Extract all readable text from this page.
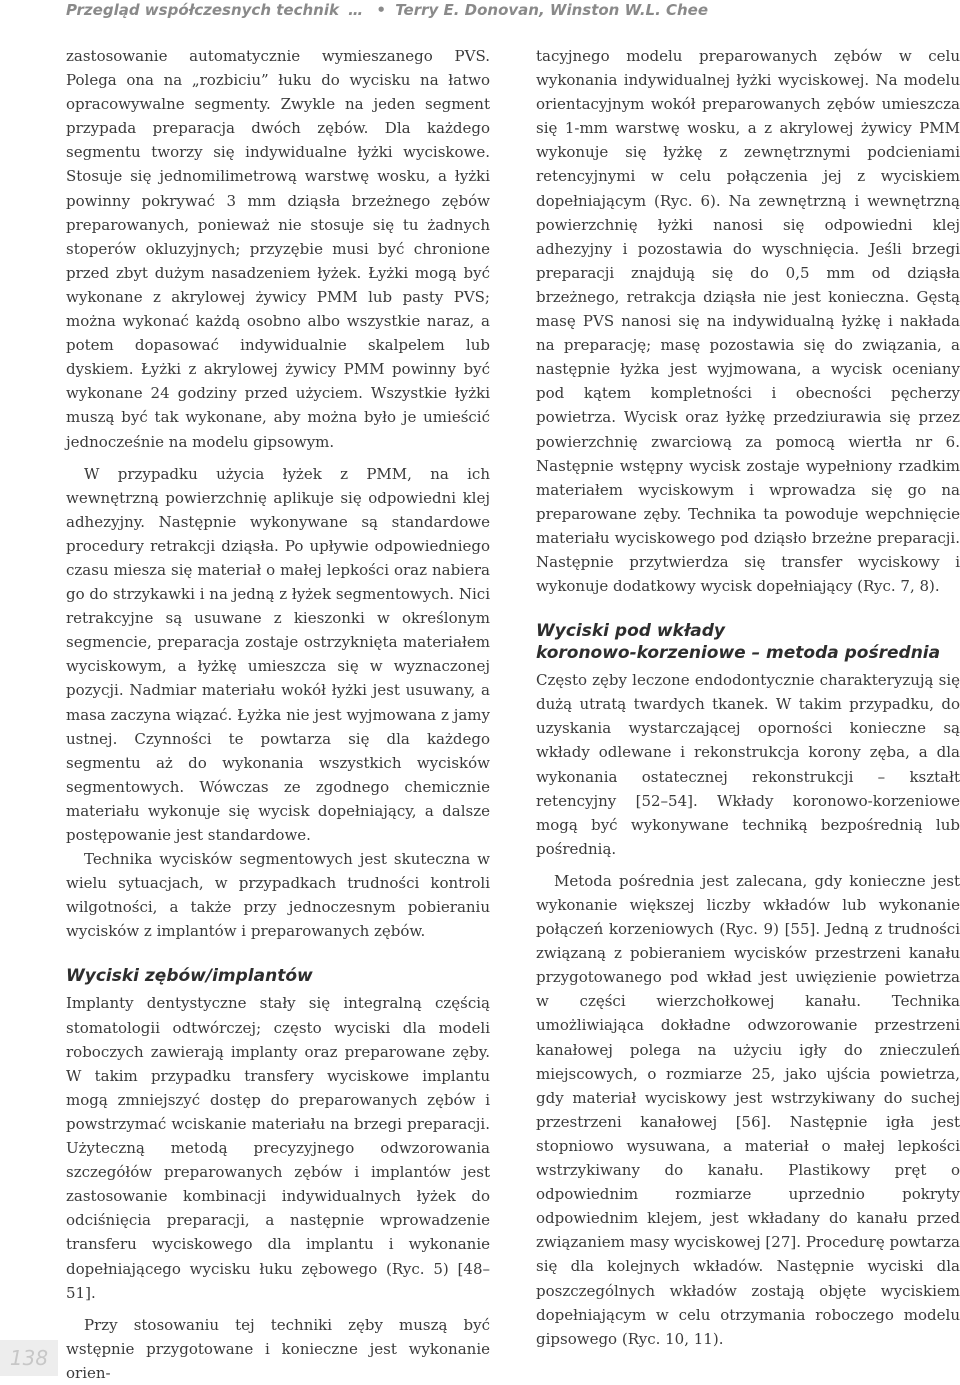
Przegląd współczesnych technik … • Terry E. Donovan, Winston W.L. Chee

zastosowanie automatycznie wymieszanego PVS. Polega ona na „rozbiciu” łuku do wycisku na łatwo opracowywalne segmenty. Zwykle na jeden segment przypada preparacja dwóch zębów. Dla każdego segmentu tworzy się indywidualne łyżki wyciskowe. Stosuje się jednomilimetrową warstwę wosku, a łyżki powinny pokrywać 3 mm dziąsła brzeżnego zębów preparowanych, ponieważ nie stosuje się tu żadnych stoperów okluzyjnych; przyzębie musi być chronione przed zbyt dużym nasadzeniem łyżek. Łyżki mogą być wykonane z akrylowej żywicy PMM lub pasty PVS; można wykonać każdą osobno albo wszystkie naraz, a potem dopasować indywidualnie skalpelem lub dyskiem. Łyżki z akrylowej żywicy PMM powinny być wykonane 24 godziny przed użyciem. Wszystkie łyżki muszą być tak wykonane, aby można było je umieścić jednocześnie na modelu gipsowym.

W przypadku użycia łyżek z PMM, na ich wewnętrzną powierzchnię aplikuje się odpowiedni klej adhezyjny. Następnie wykonywane są standardowe procedury retrakcji dziąsła. Po upływie odpowiedniego czasu miesza się materiał o małej lepkości oraz nabiera go do strzykawki i na jedną z łyżek segmentowych. Nici retrakcyjne są usuwane z kieszonki w określonym segmencie, preparacja zostaje ostrzyknięta materiałem wyciskowym, a łyżkę umieszcza się w wyznaczonej pozycji. Nadmiar materiału wokół łyżki jest usuwany, a masa zaczyna wiązać. Łyżka nie jest wyjmowana z jamy ustnej. Czynności te powtarza się dla każdego segmentu aż do wykonania wszystkich wycisków segmentowych. Wówczas ze zgodnego chemicznie materiału wykonuje się wycisk dopełniający, a dalsze postępowanie jest standardowe.

Technika wycisków segmentowych jest skuteczna w wielu sytuacjach, w przypadkach trudności kontroli wilgotności, a także przy jednoczesnym pobieraniu wycisków z implantów i preparowanych zębów.

Wyciski zębów/implantów

Implanty dentystyczne stały się integralną częścią stomatologii odtwórczej; często wyciski dla modeli roboczych zawierają implanty oraz preparowane zęby. W takim przypadku transfery wyciskowe implantu mogą zmniejszyć dostęp do preparowanych zębów i powstrzymać wciskanie materiału na brzegi preparacji. Użyteczną metodą precyzyjnego odwzorowania szczegółów preparowanych zębów i implantów jest zastosowanie kombinacji indywidualnych łyżek do odciśnięcia preparacji, a następnie wprowadzenie transferu wyciskowego dla implantu i wykonanie dopełniającego wycisku łuku zębowego (Ryc. 5) [48–51].

Przy stosowaniu tej techniki zęby muszą być wstępnie przygotowane i konieczne jest wykonanie orien-

tacyjnego modelu preparowanych zębów w celu wykonania indywidualnej łyżki wyciskowej. Na modelu orientacyjnym wokół preparowanych zębów umieszcza się 1-mm warstwę wosku, a z akrylowej żywicy PMM wykonuje się łyżkę z zewnętrznymi podcieniami retencyjnymi w celu połączenia jej z wyciskiem dopełniającym (Ryc. 6). Na zewnętrzną i wewnętrzną powierzchnię łyżki nanosi się odpowiedni klej adhezyjny i pozostawia do wyschnięcia. Jeśli brzegi preparacji znajdują się do 0,5 mm od dziąsła brzeżnego, retrakcja dziąsła nie jest konieczna. Gęstą masę PVS nanosi się na indywidualną łyżkę i nakłada na preparację; masę pozostawia się do związania, a następnie łyżka jest wyjmowana, a wycisk oceniany pod kątem kompletności i obecności pęcherzy powietrza. Wycisk oraz łyżkę przedziurawia się przez powierzchnię zwarciową za pomocą wiertła nr 6. Następnie wstępny wycisk zostaje wypełniony rzadkim materiałem wyciskowym i wprowadza się go na preparowane zęby. Technika ta powoduje wepchnięcie materiału wyciskowego pod dziąsło brzeżne preparacji. Następnie przytwierdza się transfer wyciskowy i wykonuje dodatkowy wycisk dopełniający (Ryc. 7, 8).

Wyciski pod wkłady
koronowo-korzeniowe – metoda pośrednia

Często zęby leczone endodontycznie charakteryzują się dużą utratą twardych tkanek. W takim przypadku, do uzyskania wystarczającej oporności konieczne są wkłady odlewane i rekonstrukcja korony zęba, a dla wykonania ostatecznej rekonstrukcji – kształt retencyjny [52–54]. Wkłady koronowo-korzeniowe mogą być wykonywane techniką bezpośrednią lub pośrednią.

Metoda pośrednia jest zalecana, gdy konieczne jest wykonanie większej liczby wkładów lub wykonanie połączeń korzeniowych (Ryc. 9) [55]. Jedną z trudności związaną z pobieraniem wycisków przestrzeni kanału przygotowanego pod wkład jest uwięzienie powietrza w części wierzchołkowej kanału. Technika umożliwiająca dokładne odwzorowanie przestrzeni kanałowej polega na użyciu igły do znieczuleń miejscowych, o rozmiarze 25, jako ujścia powietrza, gdy materiał wyciskowy jest wstrzykiwany do suchej przestrzeni kanałowej [56]. Następnie igła jest stopniowo wysuwana, a materiał o małej lepkości wstrzykiwany do kanału. Plastikowy pręt o odpowiednim rozmiarze uprzednio pokryty odpowiednim klejem, jest wkładany do kanału przed związaniem masy wyciskowej [27]. Procedurę powtarza się dla kolejnych wkładów. Następnie wyciski dla poszczególnych wkładów zostają objęte wyciskiem dopełniającym w celu otrzymania roboczego modelu gipsowego (Ryc. 10, 11).

138
